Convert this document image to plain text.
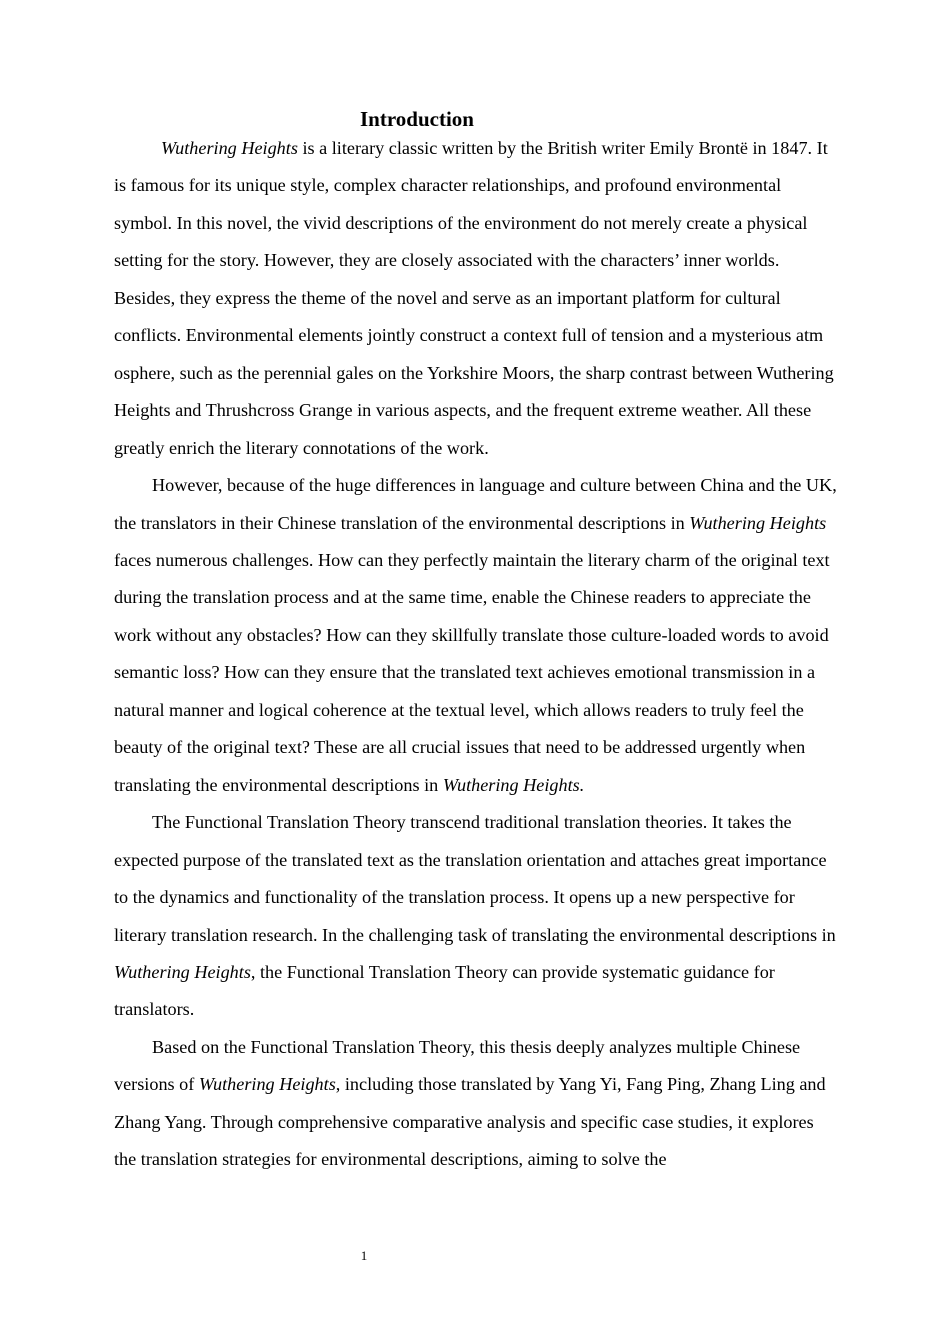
Introduction

Wuthering Heights is a literary classic written by the British writer Emily Brontë in 1847. It is famous for its unique style, complex character relationships, and profound environmental symbol. In this novel, the vivid descriptions of the environment do not merely create a physical setting for the story. However, they are closely associated with the characters’ inner worlds. Besides, they express the theme of the novel and serve as an important platform for cultural conflicts. Environmental elements jointly construct a context full of tension and a mysterious atm osphere, such as the perennial gales on the Yorkshire Moors, the sharp contrast between Wuthering Heights and Thrushcross Grange in various aspects, and the frequent extreme weather. All these greatly enrich the literary connotations of the work.

However, because of the huge differences in language and culture between China and the UK, the translators in their Chinese translation of the environmental descriptions in Wuthering Heights faces numerous challenges. How can they perfectly maintain the literary charm of the original text during the translation process and at the same time, enable the Chinese readers to appreciate the work without any obstacles? How can they skillfully translate those culture-loaded words to avoid semantic loss? How can they ensure that the translated text achieves emotional transmission in a natural manner and logical coherence at the textual level, which allows readers to truly feel the beauty of the original text? These are all crucial issues that need to be addressed urgently when translating the environmental descriptions in Wuthering Heights.

The Functional Translation Theory transcend traditional translation theories. It takes the expected purpose of the translated text as the translation orientation and attaches great importance to the dynamics and functionality of the translation process. It opens up a new perspective for literary translation research. In the challenging task of translating the environmental descriptions in Wuthering Heights, the Functional Translation Theory can provide systematic guidance for translators.

Based on the Functional Translation Theory, this thesis deeply analyzes multiple Chinese versions of Wuthering Heights, including those translated by Yang Yi, Fang Ping, Zhang Ling and Zhang Yang. Through comprehensive comparative analysis and specific case studies, it explores the translation strategies for environmental descriptions, aiming to solve the

1
